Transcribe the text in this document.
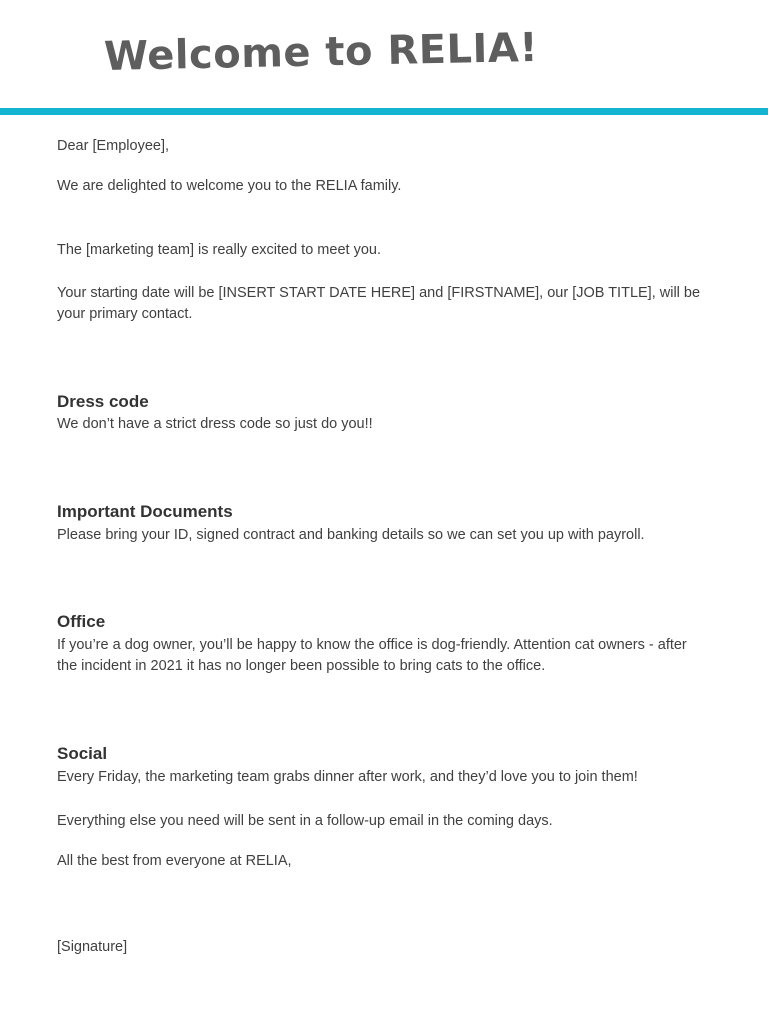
Welcome to RELIA!
Dear [Employee],
We are delighted to welcome you to the RELIA family.
The [marketing team] is really excited to meet you.
Your starting date will be [INSERT START DATE HERE] and [FIRSTNAME], our [JOB TITLE], will be your primary contact.
Dress code
We don’t have a strict dress code so just do you!!
Important Documents
Please bring your ID, signed contract and banking details so we can set you up with payroll.
Office
If you’re a dog owner, you’ll be happy to know the office is dog-friendly. Attention cat owners - after the incident in 2021 it has no longer been possible to bring cats to the office.
Social
Every Friday, the marketing team grabs dinner after work, and they’d love you to join them!
Everything else you need will be sent in a follow-up email in the coming days.
All the best from everyone at RELIA,
[Signature]
